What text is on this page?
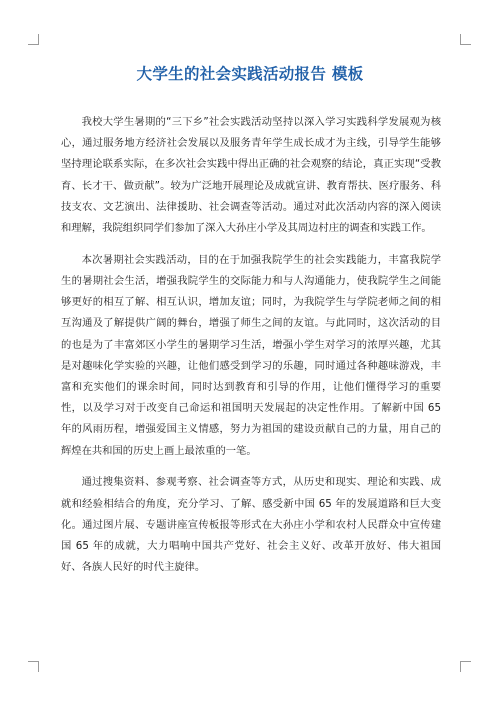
大学生的社会实践活动报告 模板

我校大学生暑期的“三下乡”社会实践活动坚持以深入学习实践科学发展观为核心，通过服务地方经济社会发展以及服务青年学生成长成才为主线，引导学生能够坚持理论联系实际，在多次社会实践中得出正确的社会观察的结论，真正实现“受教育、长才干、做贡献”。较为广泛地开展理论及成就宣讲、教育帮扶、医疗服务、科技支农、文艺演出、法律援助、社会调查等活动。通过对此次活动内容的深入阅读和理解，我院组织同学们参加了深入大孙庄小学及其周边村庄的调查和实践工作。

本次暑期社会实践活动，目的在于加强我院学生的社会实践能力，丰富我院学生的暑期社会生活，增强我院学生的交际能力和与人沟通能力，使我院学生之间能够更好的相互了解、相互认识，增加友谊；同时，为我院学生与学院老师之间的相互沟通及了解提供广阔的舞台，增强了师生之间的友谊。与此同时，这次活动的目的也是为了丰富郊区小学生的暑期学习生活，增强小学生对学习的浓厚兴趣，尤其是对趣味化学实验的兴趣，让他们感受到学习的乐趣，同时通过各种趣味游戏，丰富和充实他们的课余时间，同时达到教育和引导的作用，让他们懂得学习的重要性，以及学习对于改变自己命运和祖国明天发展起的决定性作用。了解新中国 65 年的风雨历程，增强爱国主义情感，努力为祖国的建设贡献自己的力量，用自己的辉煌在共和国的历史上画上最浓重的一笔。

通过搜集资料、参观考察、社会调查等方式，从历史和现实、理论和实践、成就和经验相结合的角度，充分学习、了解、感受新中国 65 年的发展道路和巨大变化。通过图片展、专题讲座宣传板报等形式在大孙庄小学和农村人民群众中宣传建国 65 年的成就，大力唱响中国共产党好、社会主义好、改革开放好、伟大祖国好、各族人民好的时代主旋律。
